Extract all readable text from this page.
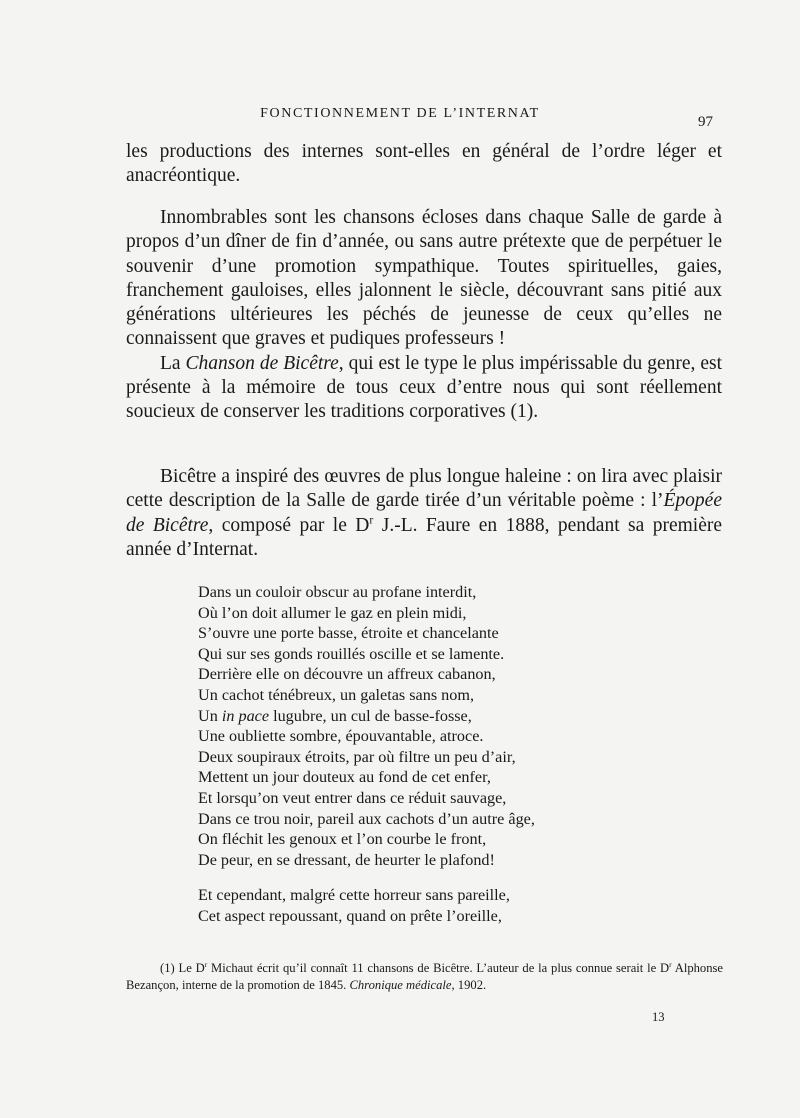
FONCTIONNEMENT DE L’INTERNAT
97

les productions des internes sont-elles en général de l’ordre léger et anacréontique.

Innombrables sont les chansons écloses dans chaque Salle de garde à propos d’un dîner de fin d’année, ou sans autre prétexte que de perpétuer le souvenir d’une promotion sympathique. Toutes spirituelles, gaies, franchement gauloises, elles jalonnent le siècle, découvrant sans pitié aux générations ultérieures les péchés de jeunesse de ceux qu’elles ne connaissent que graves et pudiques professeurs !

La Chanson de Bicêtre, qui est le type le plus impérissable du genre, est présente à la mémoire de tous ceux d’entre nous qui sont réellement soucieux de conserver les traditions corporatives (1).

Bicêtre a inspiré des œuvres de plus longue haleine : on lira avec plaisir cette description de la Salle de garde tirée d’un véritable poème : l’Épopée de Bicêtre, composé par le $D^r$ J.-L. Faure en 1888, pendant sa première année d’Internat.

Dans un couloir obscur au profane interdit,
Où l’on doit allumer le gaz en plein midi,
S’ouvre une porte basse, étroite et chancelante
Qui sur ses gonds rouillés oscille et se lamente.
Derrière elle on découvre un affreux cabanon,
Un cachot ténébreux, un galetas sans nom,
Un in pace lugubre, un cul de basse-fosse,
Une oubliette sombre, épouvantable, atroce.
Deux soupiraux étroits, par où filtre un peu d’air,
Mettent un jour douteux au fond de cet enfer,
Et lorsqu’on veut entrer dans ce réduit sauvage,
Dans ce trou noir, pareil aux cachots d’un autre âge,
On fléchit les genoux et l’on courbe le front,
De peur, en se dressant, de heurter le plafond!
Et cependant, malgré cette horreur sans pareille,
Cet aspect repoussant, quand on prête l’oreille,

(1) Le $D^r$ Michaut écrit qu’il connaît 11 chansons de Bicêtre. L’auteur de la plus connue serait le $D^r$ Alphonse Bezançon, interne de la promotion de 1845. Chronique médicale, 1902.

13
